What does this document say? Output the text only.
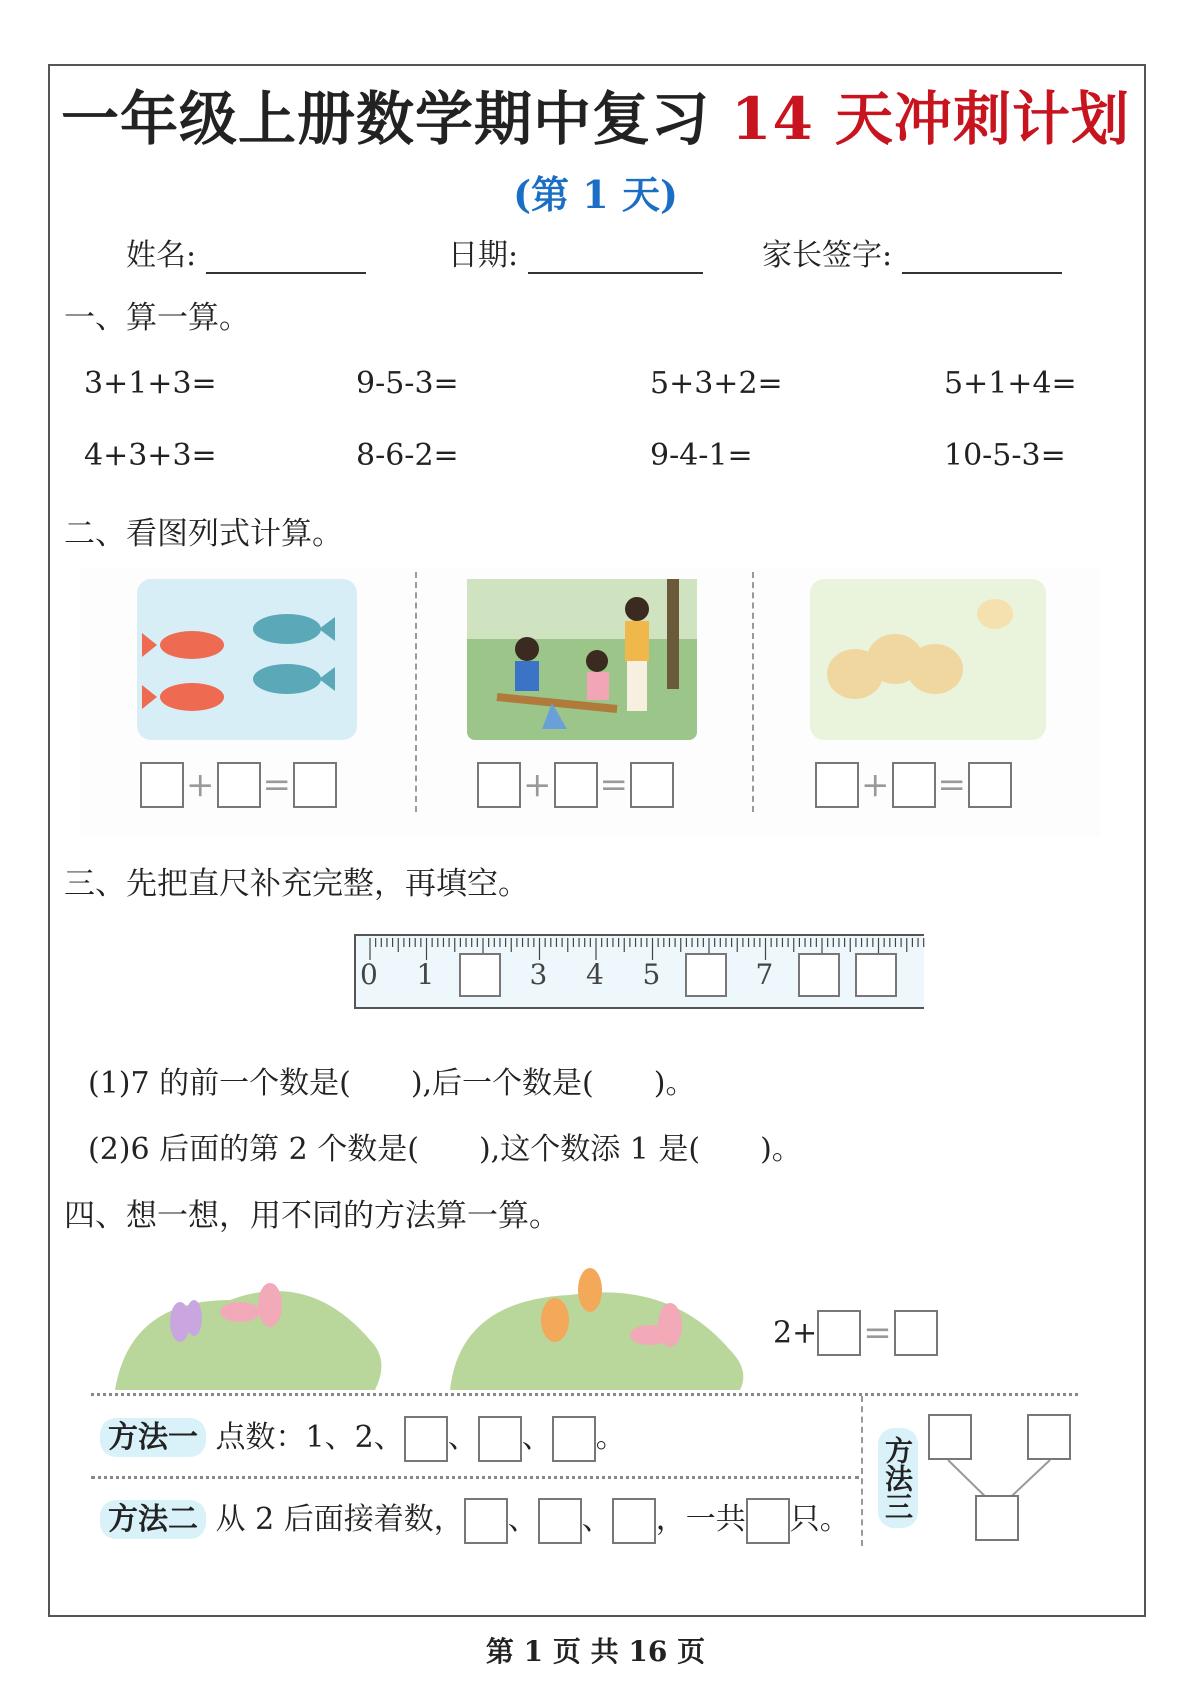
一年级上册数学期中复习 14 天冲刺计划
(第 1 天)
姓名:	日期:	家长签字:
一、算一算。
3+1+3=	9-5-3=	5+3+2=	5+1+4=
4+3+3=	8-6-2=	9-4-1=	10-5-3=
二、看图列式计算。
+ =	+ =	+ =
三、先把直尺补充完整，再填空。
0 1	3 4 5	7
(1)7 的前一个数是(　　),后一个数是(　　)。
(2)6 后面的第 2 个数是(　　),这个数添 1 是(　　)。
四、想一想，用不同的方法算一算。
2+ =
方法一 点数：1、2、 、 、 。
方法二 从 2 后面接着数， 、 、 ，一共 只。 方法三
第 1 页 共 16 页
